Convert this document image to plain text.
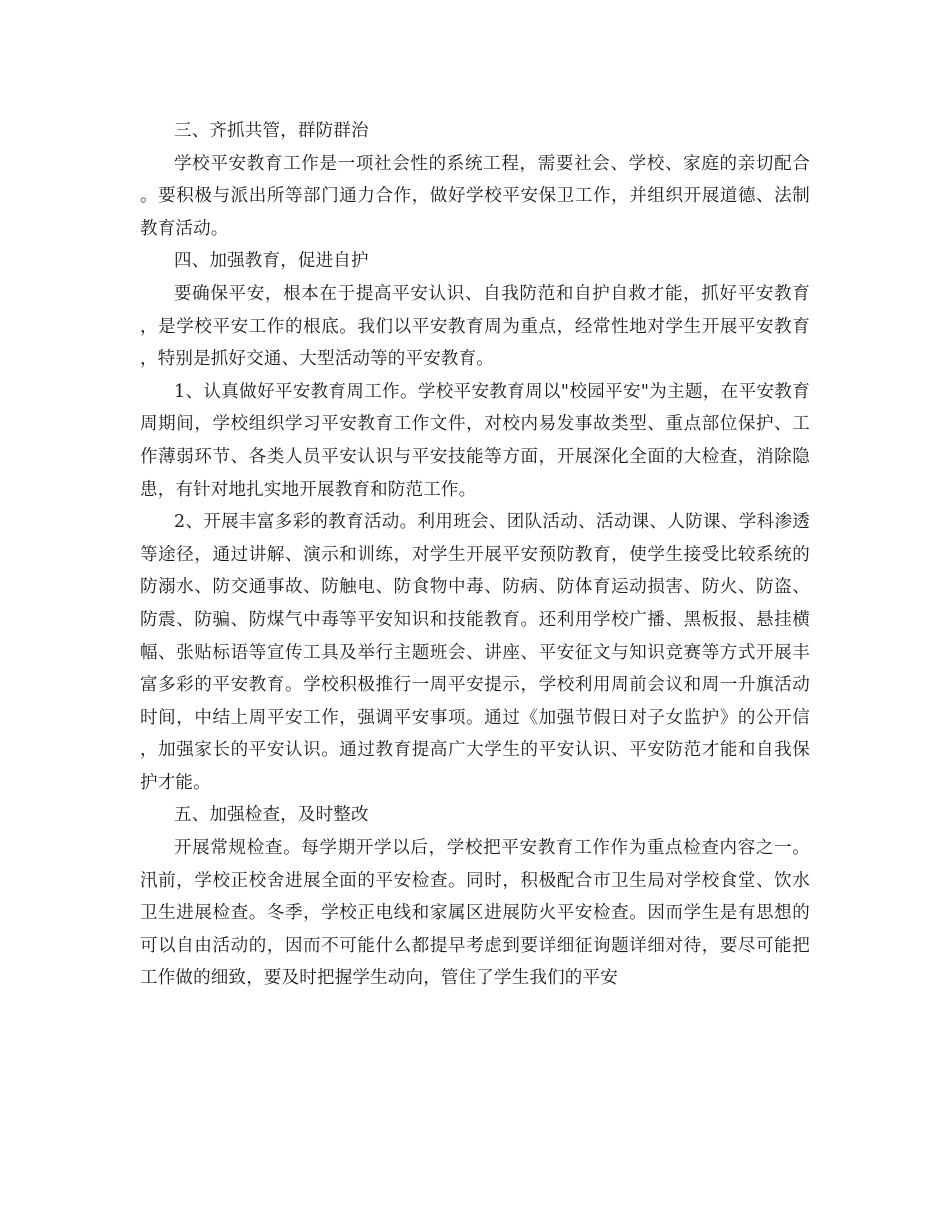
三、齐抓共管，群防群治

学校平安教育工作是一项社会性的系统工程，需要社会、学校、家庭的亲切配合。要积极与派出所等部门通力合作，做好学校平安保卫工作，并组织开展道德、法制教育活动。

四、加强教育，促进自护

要确保平安，根本在于提高平安认识、自我防范和自护自救才能，抓好平安教育，是学校平安工作的根底。我们以平安教育周为重点，经常性地对学生开展平安教育，特别是抓好交通、大型活动等的平安教育。

1、认真做好平安教育周工作。学校平安教育周以"校园平安"为主题，在平安教育周期间，学校组织学习平安教育工作文件，对校内易发事故类型、重点部位保护、工作薄弱环节、各类人员平安认识与平安技能等方面，开展深化全面的大检查，消除隐患，有针对地扎实地开展教育和防范工作。

2、开展丰富多彩的教育活动。利用班会、团队活动、活动课、人防课、学科渗透等途径，通过讲解、演示和训练，对学生开展平安预防教育，使学生接受比较系统的防溺水、防交通事故、防触电、防食物中毒、防病、防体育运动损害、防火、防盗、防震、防骗、防煤气中毒等平安知识和技能教育。还利用学校广播、黑板报、悬挂横幅、张贴标语等宣传工具及举行主题班会、讲座、平安征文与知识竞赛等方式开展丰富多彩的平安教育。学校积极推行一周平安提示，学校利用周前会议和周一升旗活动时间，中结上周平安工作，强调平安事项。通过《加强节假日对子女监护》的公开信，加强家长的平安认识。通过教育提高广大学生的平安认识、平安防范才能和自我保护才能。

五、加强检查，及时整改

开展常规检查。每学期开学以后，学校把平安教育工作作为重点检查内容之一。汛前，学校正校舍进展全面的平安检查。同时，积极配合市卫生局对学校食堂、饮水卫生进展检查。冬季，学校正电线和家属区进展防火平安检查。因而学生是有思想的可以自由活动的，因而不可能什么都提早考虑到要详细征询题详细对待，要尽可能把工作做的细致，要及时把握学生动向，管住了学生我们的平安
